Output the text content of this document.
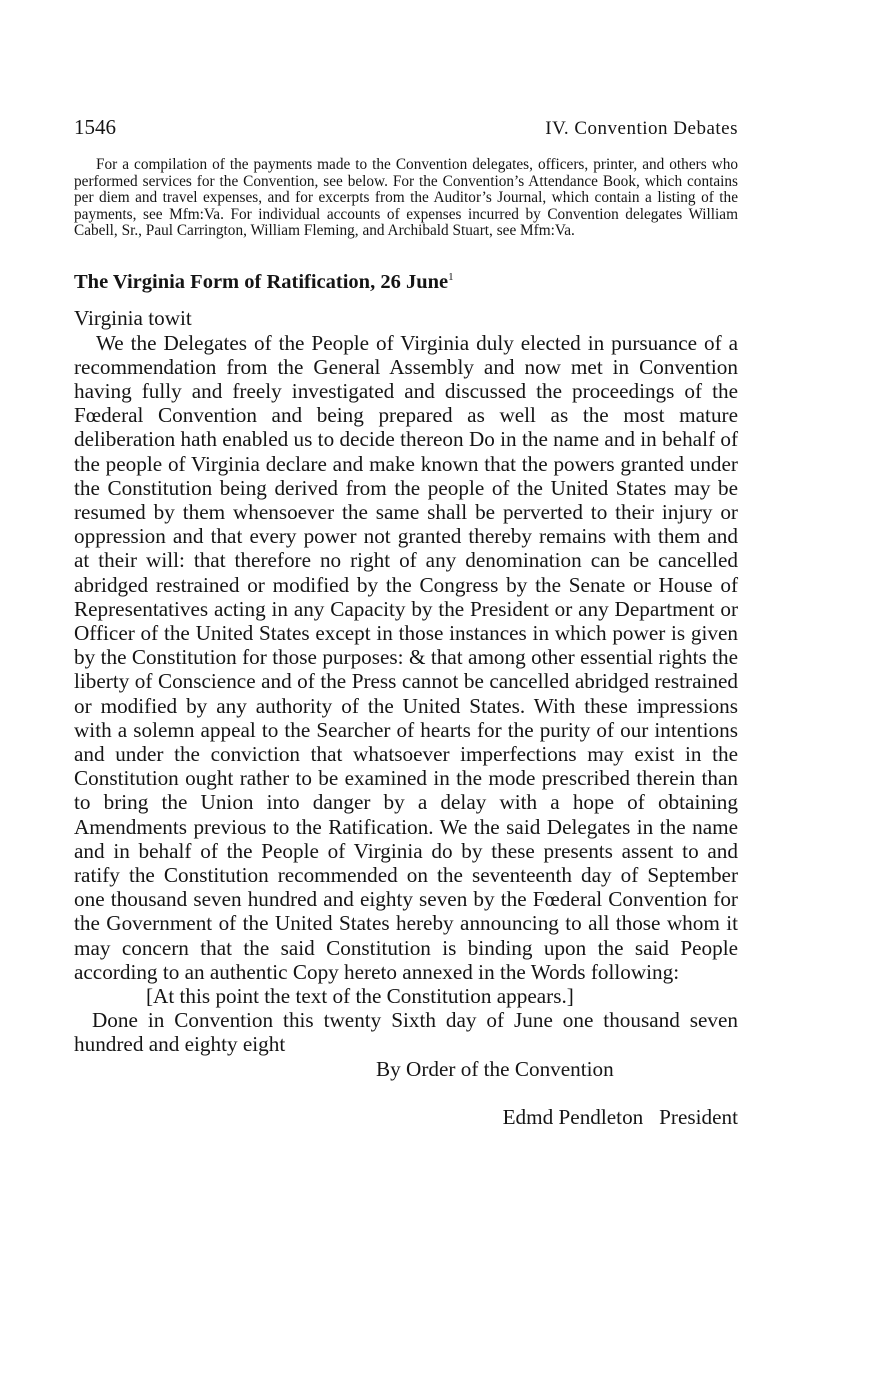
1546	IV. Convention Debates

For a compilation of the payments made to the Convention delegates, officers, printer, and others who performed services for the Convention, see below. For the Convention’s Attendance Book, which contains per diem and travel expenses, and for excerpts from the Auditor’s Journal, which contain a listing of the payments, see Mfm:Va. For individual accounts of expenses incurred by Convention delegates William Cabell, Sr., Paul Carrington, William Fleming, and Archibald Stuart, see Mfm:Va.

The Virginia Form of Ratification, 26 June$^1$
Virginia towit

We the Delegates of the People of Virginia duly elected in pursuance of a recommendation from the General Assembly and now met in Convention having fully and freely investigated and discussed the proceedings of the Fœderal Convention and being prepared as well as the most mature deliberation hath enabled us to decide thereon Do in the name and in behalf of the people of Virginia declare and make known that the powers granted under the Constitution being derived from the people of the United States may be resumed by them whensoever the same shall be perverted to their injury or oppression and that every power not granted thereby remains with them and at their will: that therefore no right of any denomination can be cancelled abridged restrained or modified by the Congress by the Senate or House of Representatives acting in any Capacity by the President or any Department or Officer of the United States except in those instances in which power is given by the Constitution for those purposes: & that among other essential rights the liberty of Conscience and of the Press cannot be cancelled abridged restrained or modified by any authority of the United States. With these impressions with a solemn appeal to the Searcher of hearts for the purity of our intentions and under the conviction that whatsoever imperfections may exist in the Constitution ought rather to be examined in the mode prescribed therein than to bring the Union into danger by a delay with a hope of obtaining Amendments previous to the Ratification. We the said Delegates in the name and in behalf of the People of Virginia do by these presents assent to and ratify the Constitution recommended on the seventeenth day of September one thousand seven hundred and eighty seven by the Fœderal Convention for the Government of the United States hereby announcing to all those whom it may concern that the said Constitution is binding upon the said People according to an authentic Copy hereto annexed in the Words following:

[At this point the text of the Constitution appears.]

Done in Convention this twenty Sixth day of June one thousand seven hundred and eighty eight

By Order of the Convention

Edmd Pendleton   President
